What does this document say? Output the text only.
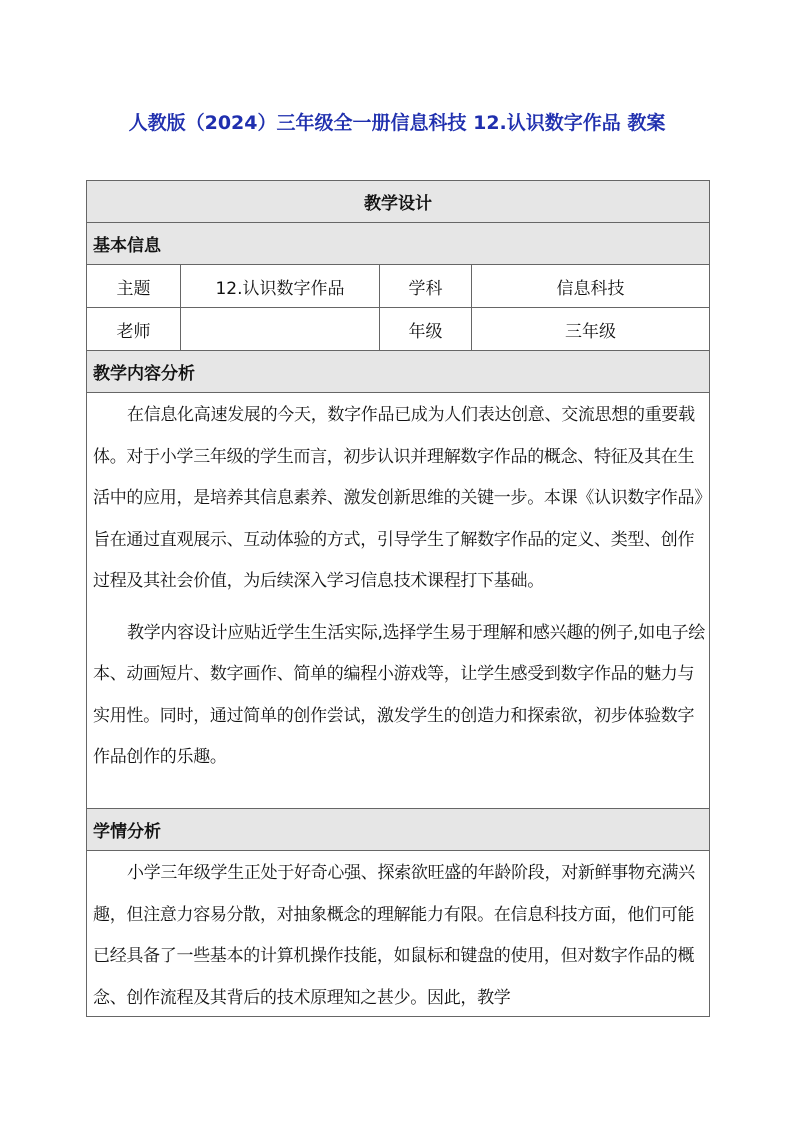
人教版（2024）三年级全一册信息科技 12.认识数字作品 教案
教学设计			
基本信息			
主题	12.认识数字作品	学科	信息科技
老师		年级	三年级
教学内容分析			

在信息化高速发展的今天，数字作品已成为人们表达创意、交流思想的重要载体。对于小学三年级的学生而言，初步认识并理解数字作品的概念、特征及其在生活中的应用，是培养其信息素养、激发创新思维的关键一步。本课《认识数字作品》旨在通过直观展示、互动体验的方式，引导学生了解数字作品的定义、类型、创作过程及其社会价值，为后续深入学习信息技术课程打下基础。

教学内容设计应贴近学生生活实际,选择学生易于理解和感兴趣的例子,如电子绘本、动画短片、数字画作、简单的编程小游戏等，让学生感受到数字作品的魅力与实用性。同时，通过简单的创作尝试，激发学生的创造力和探索欲，初步体验数字作品创作的乐趣。			

学情分析			

小学三年级学生正处于好奇心强、探索欲旺盛的年龄阶段，对新鲜事物充满兴趣，但注意力容易分散，对抽象概念的理解能力有限。在信息科技方面，他们可能已经具备了一些基本的计算机操作技能，如鼠标和键盘的使用，但对数字作品的概念、创作流程及其背后的技术原理知之甚少。因此，教学			
